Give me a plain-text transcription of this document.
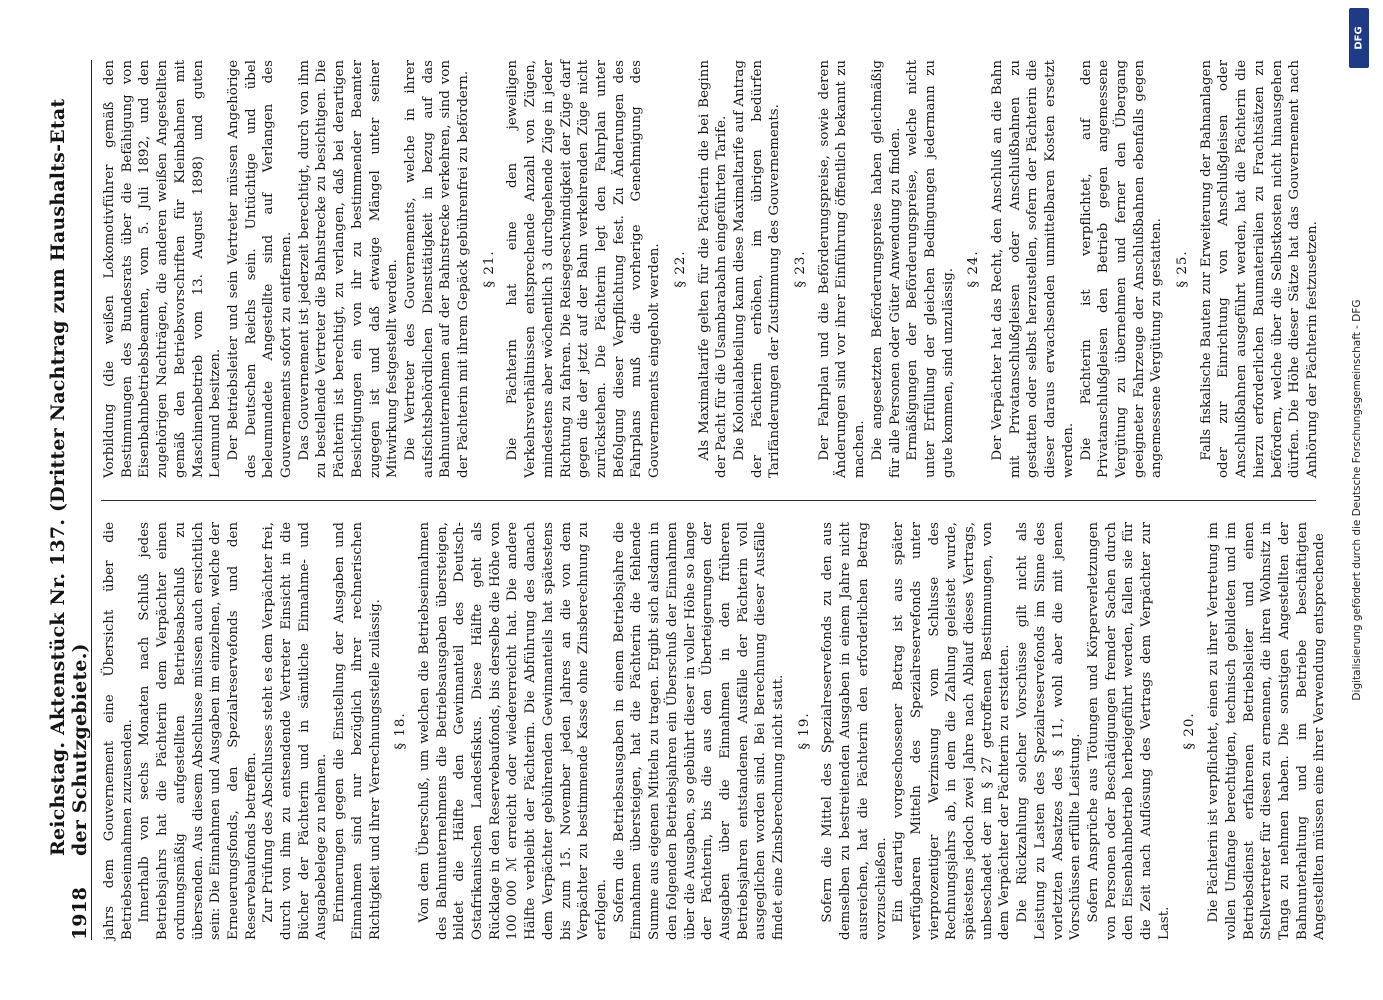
1918
Reichstag. Aktenstück Nr. 137. (Dritter Nachtrag zum Haushalts-Etat der Schutzgebiete.) jahrs dem Gouvernement eine Übersicht über die Betriebseinnahmen zuzusenden. Innerhalb von sechs Monaten nach Schluß jedes Betriebsjahrs hat die Pächterin dem Verpächter einen ordnungsmäßig aufgestellten Betriebsabschluß zu übersenden. Aus diesem Abschlusse müssen auch ersichtlich sein: Die Einnahmen und Ausgaben im einzelnen, welche der Erneuerungsfonds, den Spezialreservefonds und den Reservebaufonds betreffen. Zur Prüfung des Abschlusses steht es dem Verpächter frei, durch von ihm zu entsendende Vertreter Einsicht in die Bücher der Pächterin und in sämtliche Einnahme- und Ausgabebelege zu nehmen. Erinnerungen gegen die Einstellung der Ausgaben und Einnahmen sind nur bezüglich ihrer rechnerischen Richtigkeit und ihrer Verrechnungsstelle zulässig. § 18. Von dem Überschuß, um welchen die Betriebseinnahmen des Bahnunternehmens die Betriebsausgaben übersteigen, bildet die Hälfte den Gewinnanteil des Deutsch-Ostafrikanischen Landesfiskus. Diese Hälfte geht als Rücklage in den Reservebaufonds, bis derselbe die Höhe von 100 000 ℳ erreicht oder wiedererreicht hat. Die andere Hälfte verbleibt der Pächterin. Die Abführung des danach dem Verpächter gebührenden Gewinnanteils hat spätestens bis zum 15. November jeden Jahres an die von dem Verpächter zu bestimmende Kasse ohne Zinsberechnung zu erfolgen. Sofern die Betriebsausgaben in einem Betriebsjahre die Einnahmen übersteigen, hat die Pächterin die fehlende Summe aus eigenen Mitteln zu tragen. Ergibt sich alsdann in den folgenden Betriebsjahren ein Überschuß der Einnahmen über die Ausgaben, so gebührt dieser in voller Höhe so lange der Pächterin, bis die aus den Überteigerungen der Ausgaben über die Einnahmen in den früheren Betriebsjahren entstandenen Ausfälle der Pächterin voll ausgeglichen worden sind. Bei Berechnung dieser Ausfälle findet eine Zinsberechnung nicht statt. § 19. Sofern die Mittel des Spezialreservefonds zu den aus demselben zu bestreitenden Ausgaben in einem Jahre nicht ausreichen, hat die Pächterin den erforderlichen Betrag vorzuschießen. Ein derartig vorgeschossener Betrag ist aus später verfügbaren Mitteln des Spezialreservefonds unter vierprozentiger Verzinsung vom Schlusse des Rechnungsjahrs ab, in dem die Zahlung geleistet wurde, spätestens jedoch zwei Jahre nach Ablauf dieses Vertrags, unbeschadet der im § 27 getroffenen Bestimmungen, von dem Verpächter der Pächterin zu erstatten. Die Rückzahlung solcher Vorschüsse gilt nicht als Leistung zu Lasten des Spezialreservefonds im Sinne des vorletzten Absatzes des § 11, wohl aber die mit jenen Vorschüssen erfüllte Leistung. Sofern Ansprüche aus Tötungen und Körperverletzungen von Personen oder Beschädigungen fremder Sachen durch den Eisenbahnbetrieb herbeigeführt werden, fallen sie für die Zeit nach Auflösung des Vertrags dem Verpächter zur Last.
§ 20. Die Pächterin ist verpflichtet, einen zu ihrer Vertretung im vollen Umfange berechtigten, technisch gebildeten und im Betriebsdienst erfahrenen Betriebsleiter und einen Stellvertreter für diesen zu ernennen, die ihren Wohnsitz in Tanga zu nehmen haben. Die sonstigen Angestellten der Bahnunterhaltung und im Betriebe beschäftigten Angestellten müssen eine ihrer Verwendung entsprechende
Vorbildung (die weißen Lokomotivführer gemäß den Bestimmungen des Bundesrats über die Befähigung von Eisenbahnbetriebsbeamten, vom 5. Juli 1892, und den zugehörigen Nachträgen, die anderen weißen Angestellten gemäß den Betriebsvorschriften für Kleinbahnen mit Maschinenbetrieb vom 13. August 1898) und guten Leumund besitzen. Der Betriebsleiter und sein Vertreter müssen Angehörige des Deutschen Reichs sein. Untüchtige und übel beleumundete Angestellte sind auf Verlangen des Gouvernements sofort zu entfernen. Das Gouvernement ist jederzeit berechtigt, durch von ihm zu bestellende Vertreter die Bahnstrecke zu besichtigen. Die Pächterin ist berechtigt, zu verlangen, daß bei derartigen Besichtigungen ein von ihr zu bestimmender Beamter zugegen ist und daß etwaige Mängel unter seiner Mitwirkung festgestellt werden. Die Vertreter des Gouvernements, welche in ihrer aufsichtsbehördlichen Diensttätigkeit in bezug auf das Bahnunternehmen auf der Bahnstrecke verkehren, sind von der Pächterin mit ihrem Gepäck gebührenfrei zu befördern. § 21. Die Pächterin hat eine den jeweiligen Verkehrsverhältnissen entsprechende Anzahl von Zügen, mindestens aber wöchentlich 3 durchgehende Züge in jeder Richtung zu fahren. Die Reisegeschwindigkeit der Züge darf gegen die der jetzt auf der Bahn verkehrenden Züge nicht zurückstehen. Die Pächterin legt den Fahrplan unter Befolgung dieser Verpflichtung fest. Zu Änderungen des Fahrplans muß die vorherige Genehmigung des Gouvernements eingeholt werden. § 22. Als Maximaltarife gelten für die Pächterin die bei Beginn der Pacht für die Usambarabahn eingeführten Tarife. Die Kolonialabteilung kann diese Maximaltarife auf Antrag der Pächterin erhöhen, im übrigen bedürfen Tarifänderungen der Zustimmung des Gouvernements. § 23. Der Fahrplan und die Beförderungspreise, sowie deren Änderungen sind vor ihrer Einführung öffentlich bekannt zu machen. Die angesetzten Beförderungspreise haben gleichmäßig für alle Personen oder Güter Anwendung zu finden. Ermäßigungen der Beförderungspreise, welche nicht unter Erfüllung der gleichen Bedingungen jedermann zu gute kommen, sind unzulässig. § 24. Der Verpächter hat das Recht, den Anschluß an die Bahn mit Privatanschlußgleisen oder Anschlußbahnen zu gestatten oder selbst herzustellen, sofern der Pächterin die dieser daraus erwachsenden unmittelbaren Kosten ersetzt werden. Die Pächterin ist verpflichtet, auf den Privatanschlußgleisen den Betrieb gegen angemessene Vergütung zu übernehmen und ferner den Übergang geeigneter Fahrzeuge der Anschlußbahnen ebenfalls gegen angemessene Vergütung zu gestatten. § 25. Falls fiskalische Bauten zur Erweiterung der Bahnanlagen oder zur Einrichtung von Anschlußgleisen oder Anschlußbahnen ausgeführt werden, hat die Pächterin die hierzu erforderlichen Baumaterialien zu Frachtsätzen zu befördern, welche über die Selbstkosten nicht hinausgehen dürfen. Die Höhe dieser Sätze hat das Gouvernement nach Anhörung der Pächterin festzusetzen.	Digitalisierung gefördert durch die Deutsche Forschungsgemeinschaft - DFG
DFG
